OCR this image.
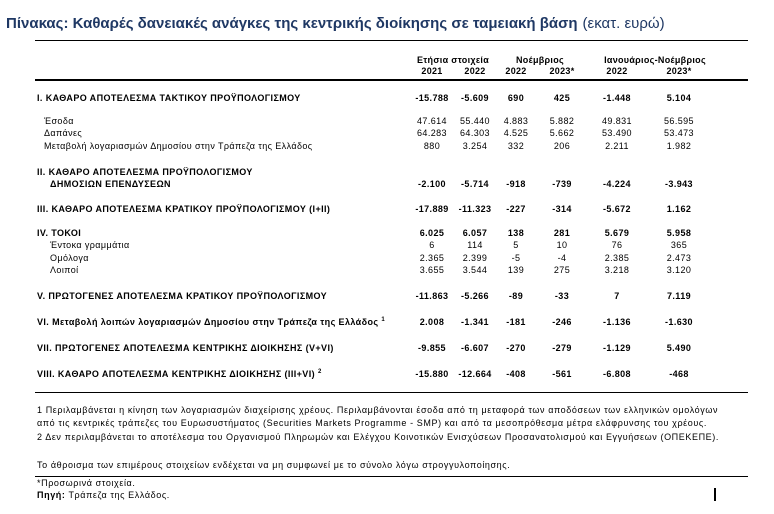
Πίνακας: Καθαρές δανειακές ανάγκες της κεντρικής διοίκησης σε ταμειακή βάση (εκατ. ευρώ)
Ετήσια στοιχεία	Νοέμβριος	Ιανουάριος-Νοέμβριος
2021 2022 2022	2023*	2022	2023*
I. ΚΑΘΑΡΟ ΑΠΟΤΕΛΕΣΜΑ ΤΑΚΤΙΚΟΥ ΠΡΟΫΠΟΛΟΓΙΣΜΟΥ	-15.788 -5.609 690	425	-1.448	5.104
Έσοδα	47.614 55.440 4.883 5.882	49.831	56.595
Δαπάνες	64.283 64.303 4.525 5.662	53.490	53.473
Μεταβολή λογαριασμών Δημοσίου στην Τράπεζα της Ελλάδος	880	3.254 332	206	2.211	1.982
II. ΚΑΘΑΡΟ ΑΠΟΤΕΛΕΣΜΑ ΠΡΟΫΠΟΛΟΓΙΣΜΟΥ
ΔΗΜΟΣΙΩΝ ΕΠΕΝΔΥΣΕΩΝ	-2.100 -5.714 -918	-739	-4.224	-3.943
III. ΚΑΘΑΡΟ ΑΠΟΤΕΛΕΣΜΑ ΚΡΑΤΙΚΟΥ ΠΡΟΫΠΟΛΟΓΙΣΜΟΥ (I+II)	-17.889 -11.323 -227	-314	-5.672	1.162
IV. ΤΟΚΟΙ	6.025 6.057 138	281	5.679	5.958
Έντοκα γραμμάτια	6	114	5	10	76	365
Ομόλογα	2.365 2.399	-5	-4	2.385	2.473
Λοιποί	3.655 3.544 139	275	3.218	3.120
V. ΠΡΩΤΟΓΕΝΕΣ ΑΠΟΤΕΛΕΣΜΑ ΚΡΑΤΙΚΟΥ ΠΡΟΫΠΟΛΟΓΙΣΜΟΥ	-11.863 -5.266 -89	-33	7	7.119
VI. Μεταβολή λοιπών λογαριασμών Δημοσίου στην Τράπεζα της Ελλάδος $^1$	2.008 -1.341 -181	-246	-1.136	-1.630
VII. ΠΡΩΤΟΓΕΝΕΣ ΑΠΟΤΕΛΕΣΜΑ ΚΕΝΤΡΙΚΗΣ ΔΙΟΙΚΗΣΗΣ (V+VI)	-9.855 -6.607 -270	-279	-1.129	5.490
VIII. ΚΑΘΑΡΟ ΑΠΟΤΕΛΕΣΜΑ ΚΕΝΤΡΙΚΗΣ ΔΙΟΙΚΗΣΗΣ (III+VI) $^2$	-15.880 -12.664 -408	-561	-6.808	-468
1 Περιλαμβάνεται η κίνηση των λογαριασμών διαχείρισης χρέους. Περιλαμβάνονται έσοδα από τη μεταφορά των αποδόσεων των ελληνικών ομολόγων
από τις κεντρικές τράπεζες του Ευρωσυστήματος (Securities Markets Programme - SMP) και από τα μεσοπρόθεσμα μέτρα ελάφρυνσης του χρέους.
2 Δεν περιλαμβάνεται το αποτέλεσμα του Οργανισμού Πληρωμών και Ελέγχου Κοινοτικών Ενισχύσεων Προσανατολισμού και Εγγυήσεων (ΟΠΕΚΕΠΕ).
Το άθροισμα των επιμέρους στοιχείων ενδέχεται να μη συμφωνεί με το σύνολο λόγω στρογγυλοποίησης.
*Προσωρινά στοιχεία.
Πηγή: Τράπεζα της Ελλάδος.
